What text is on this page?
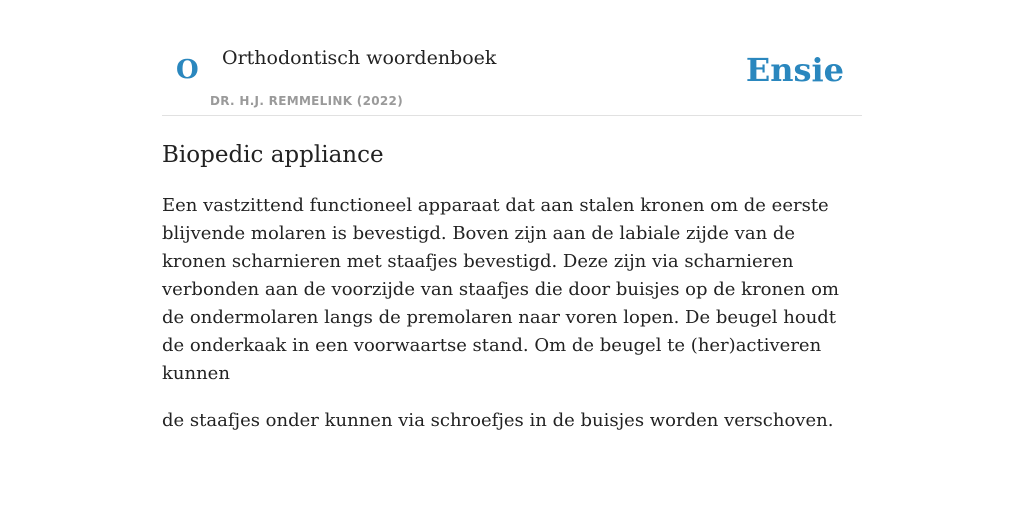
O Orthodontisch woordenboek
DR. H.J. REMMELINK (2022)
Ensie
Biopedic appliance

Een vastzittend functioneel apparaat dat aan stalen kronen om de eerste blijvende molaren is bevestigd. Boven zijn aan de labiale zijde van de kronen scharnieren met staafjes bevestigd. Deze zijn via scharnieren verbonden aan de voorzijde van staafjes die door buisjes op de kronen om de ondermolaren langs de premolaren naar voren lopen. De beugel houdt de onderkaak in een voorwaartse stand. Om de beugel te (her)activeren kunnen

de staafjes onder kunnen via schroefjes in de buisjes worden verschoven.
